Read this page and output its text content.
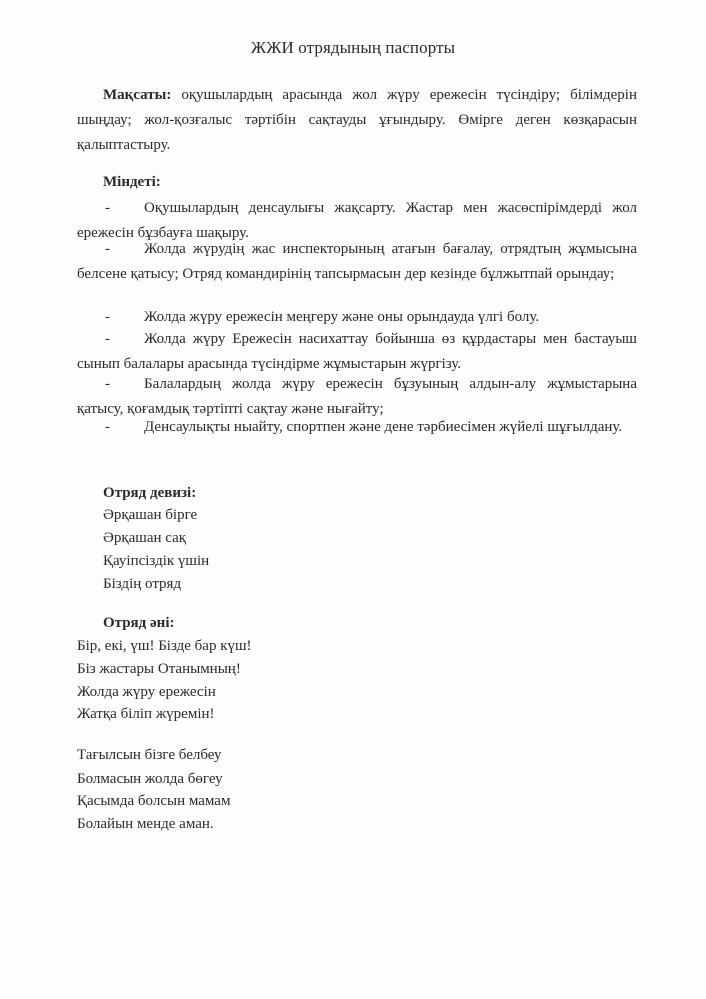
ЖЖИ отрядының паспорты
Мақсаты: оқушылардың арасында жол жүру ережесін түсіндіру; білімдерін шыңдау; жол-қозғалыс тәртібін сақтауды ұғындыру. Өмірге деген көзқарасын қалыптастыру.
Міндеті:
- Оқушылардың денсаулығы жақсарту. Жастар мен жасөспірімдерді жол ережесін бұзбауға шақыру.
- Жолда жүрудің жас инспекторының атағын бағалау, отрядтың жұмысына белсене қатысу; Отряд командирінің тапсырмасын дер кезінде бұлжытпай орындау;
- Жолда жүру ережесін меңгеру және оны орындауда үлгі болу.
- Жолда жүру Ережесін насихаттау бойынша өз құрдастары мен бастауыш сынып балалары арасында түсіндірме жұмыстарын жүргізу.
- Балалардың жолда жүру ережесін бұзуының алдын-алу жұмыстарына қатысу, қоғамдық тәртіпті сақтау және нығайту;
- Денсаулықты ныайту, спортпен және дене тәрбиесімен жүйелі шұғылдану.
Отряд девизі:
Әрқашан бірге
Әрқашан сақ
Қауіпсіздік үшін
Біздің отряд
Отряд әні:
Бір, екі, үш! Бізде бар күш!
Біз жастары Отанымның!
Жолда жүру ережесін
Жатқа біліп жүремін!
Тағылсын бізге белбеу
Болмасын жолда бөгеу
Қасымда болсын мамам
Болайын менде аман.
